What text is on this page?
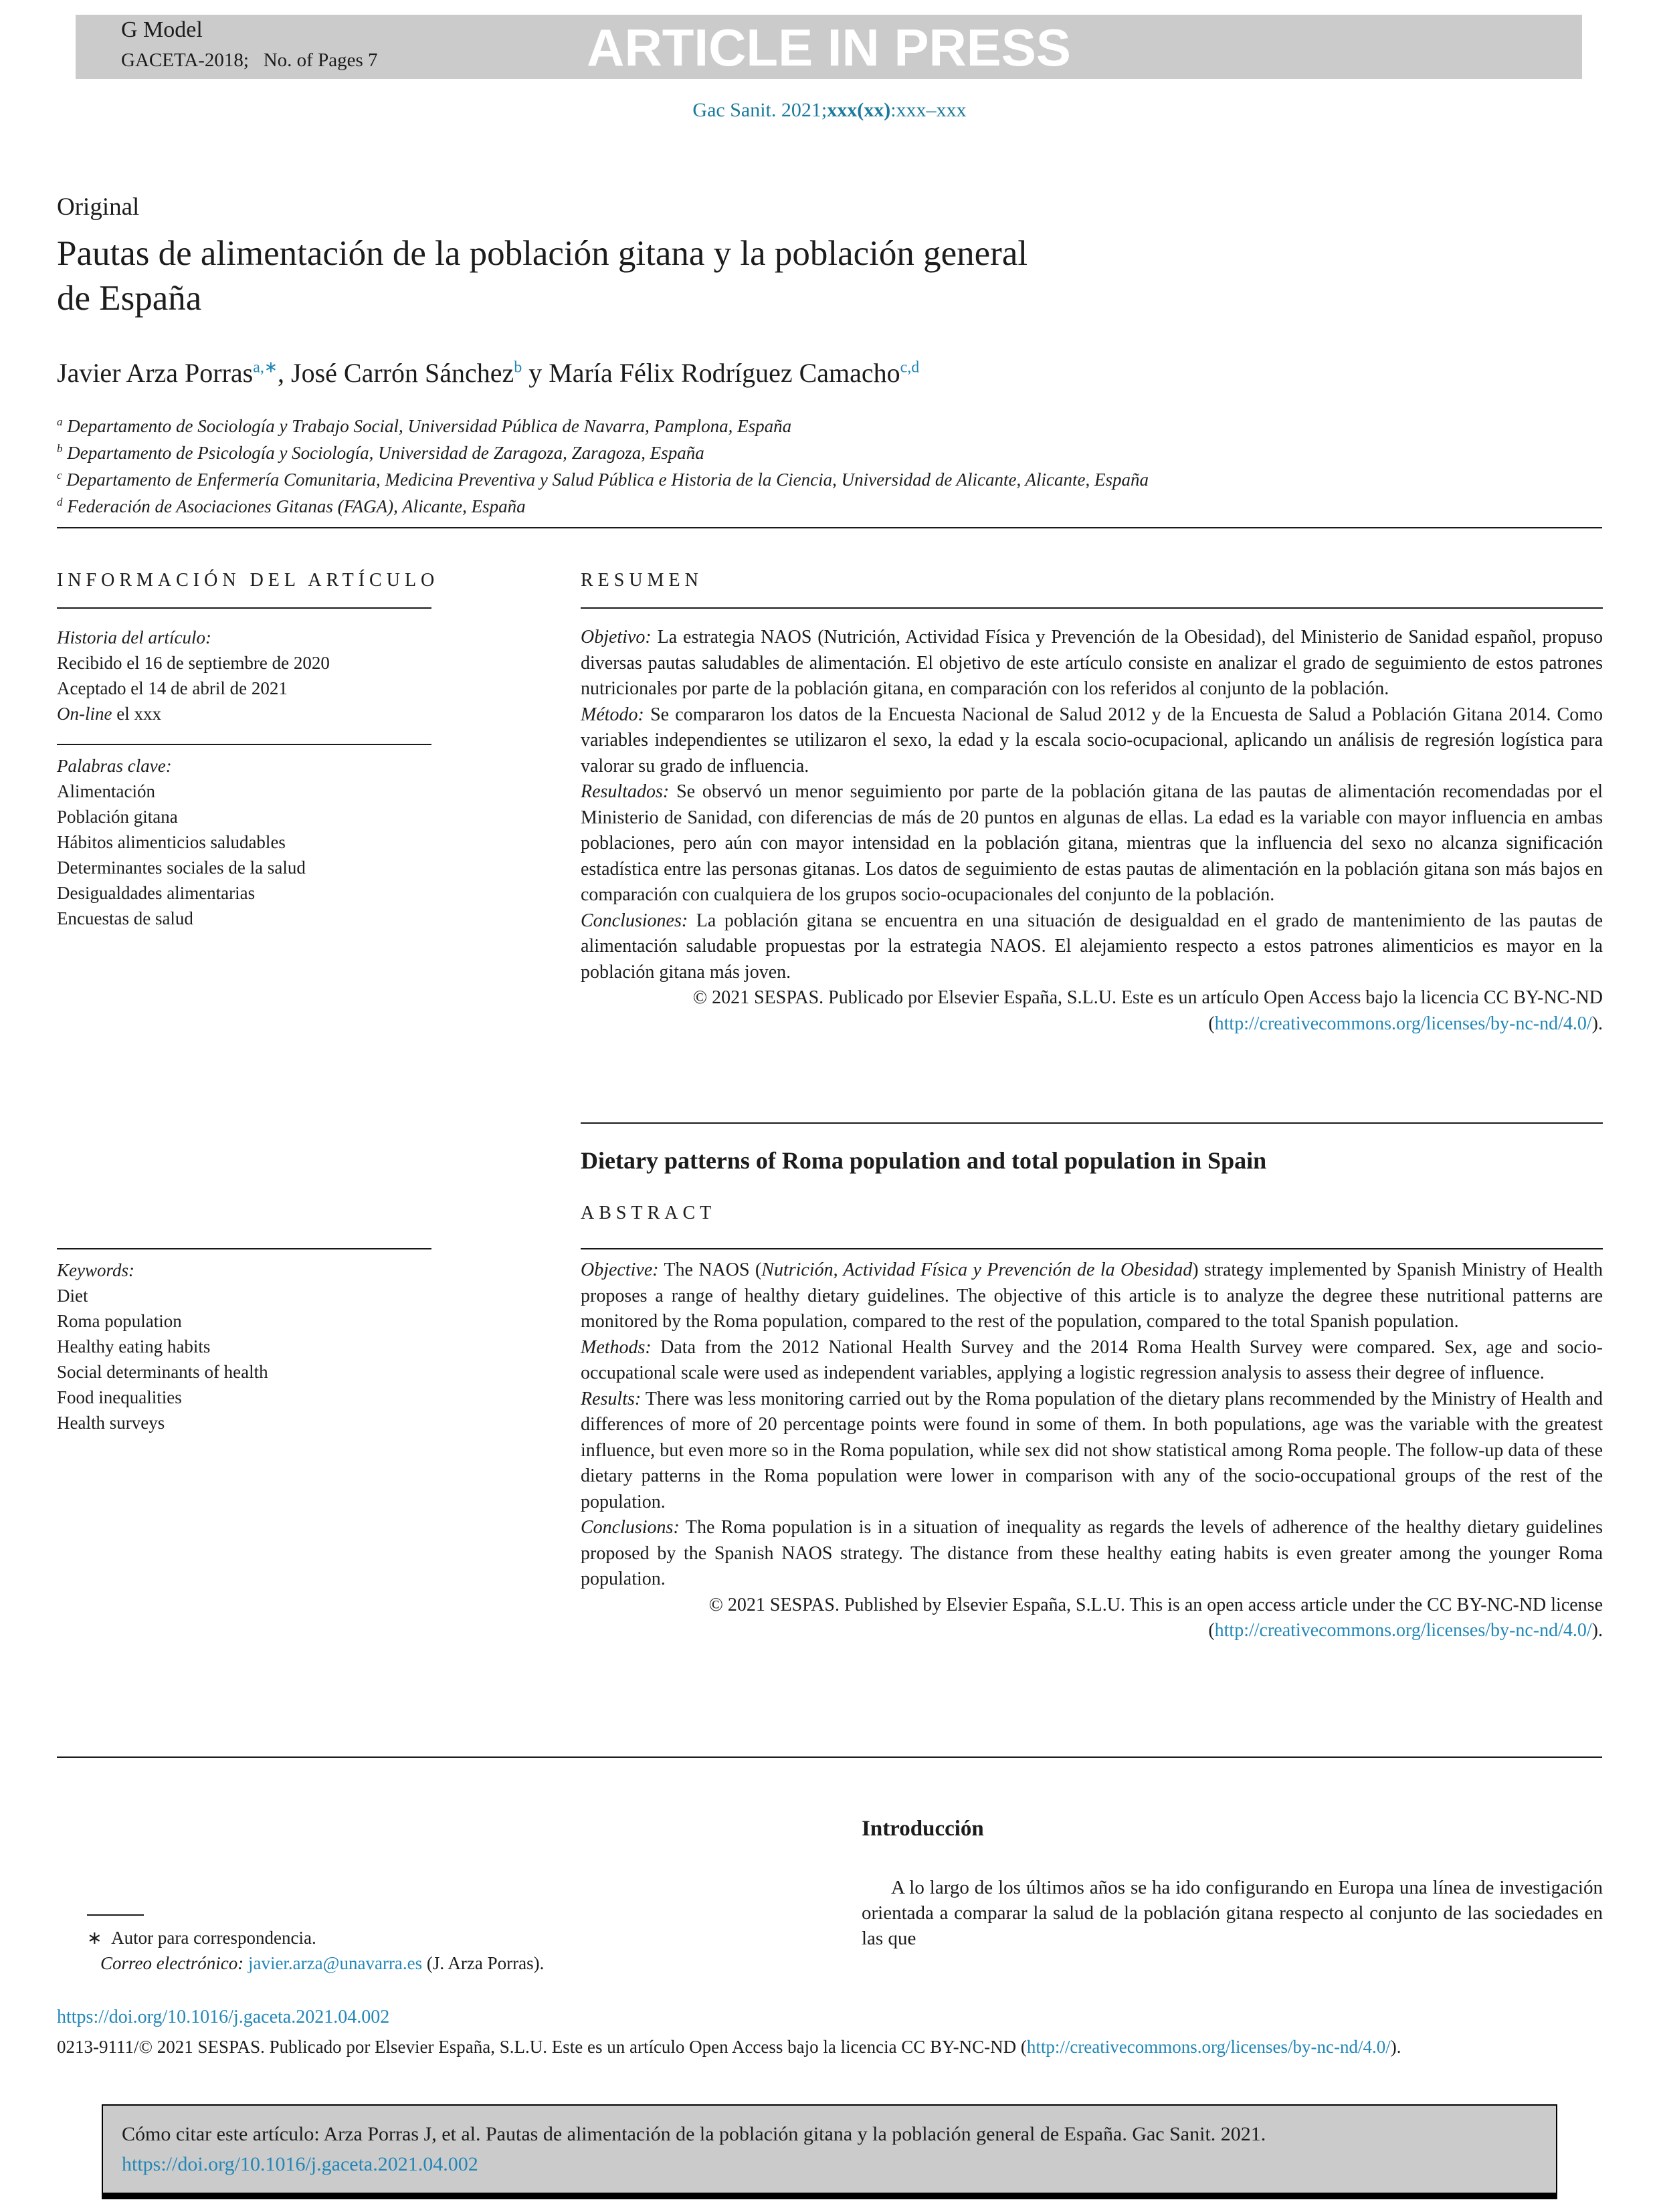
G Model
GACETA-2018;   No. of Pages 7	ARTICLE IN PRESS
Gac Sanit. 2021;xxx(xx):xxx–xxx
Original
Pautas de alimentación de la población gitana y la población general
de España
Javier Arza Porras$^{a,∗}$, José Carrón Sánchez$^b$ y María Félix Rodríguez Camacho$^{c,d}$

$^a$ Departamento de Sociología y Trabajo Social, Universidad Pública de Navarra, Pamplona, España

$^b$ Departamento de Psicología y Sociología, Universidad de Zaragoza, Zaragoza, España

$^c$ Departamento de Enfermería Comunitaria, Medicina Preventiva y Salud Pública e Historia de la Ciencia, Universidad de Alicante, Alicante, España

$^d$ Federación de Asociaciones Gitanas (FAGA), Alicante, España

INFORMACIÓN DEL ARTÍCULO
Historia del artículo:
Recibido el 16 de septiembre de 2020
Aceptado el 14 de abril de 2021
On-line el xxx
Palabras clave:
Alimentación
Población gitana
Hábitos alimenticios saludables
Determinantes sociales de la salud
Desigualdades alimentarias
Encuestas de salud
RESUMEN

Objetivo: La estrategia NAOS (Nutrición, Actividad Física y Prevención de la Obesidad), del Ministerio de Sanidad español, propuso diversas pautas saludables de alimentación. El objetivo de este artículo consiste en analizar el grado de seguimiento de estos patrones nutricionales por parte de la población gitana, en comparación con los referidos al conjunto de la población.

Método: Se compararon los datos de la Encuesta Nacional de Salud 2012 y de la Encuesta de Salud a Población Gitana 2014. Como variables independientes se utilizaron el sexo, la edad y la escala socio-ocupacional, aplicando un análisis de regresión logística para valorar su grado de influencia.

Resultados: Se observó un menor seguimiento por parte de la población gitana de las pautas de alimentación recomendadas por el Ministerio de Sanidad, con diferencias de más de 20 puntos en algunas de ellas. La edad es la variable con mayor influencia en ambas poblaciones, pero aún con mayor intensidad en la población gitana, mientras que la influencia del sexo no alcanza significación estadística entre las personas gitanas. Los datos de seguimiento de estas pautas de alimentación en la población gitana son más bajos en comparación con cualquiera de los grupos socio-ocupacionales del conjunto de la población.

Conclusiones: La población gitana se encuentra en una situación de desigualdad en el grado de mantenimiento de las pautas de alimentación saludable propuestas por la estrategia NAOS. El alejamiento respecto a estos patrones alimenticios es mayor en la población gitana más joven.

© 2021 SESPAS. Publicado por Elsevier España, S.L.U. Este es un artículo Open Access bajo la licencia CC BY-NC-ND (http://creativecommons.org/licenses/by-nc-nd/4.0/).
Dietary patterns of Roma population and total population in Spain
ABSTRACT
Keywords:
Diet
Roma population
Healthy eating habits
Social determinants of health
Food inequalities
Health surveys

Objective: The NAOS (Nutrición, Actividad Física y Prevención de la Obesidad) strategy implemented by Spanish Ministry of Health proposes a range of healthy dietary guidelines. The objective of this article is to analyze the degree these nutritional patterns are monitored by the Roma population, compared to the rest of the population, compared to the total Spanish population.

Methods: Data from the 2012 National Health Survey and the 2014 Roma Health Survey were compared. Sex, age and socio-occupational scale were used as independent variables, applying a logistic regression analysis to assess their degree of influence.

Results: There was less monitoring carried out by the Roma population of the dietary plans recommended by the Ministry of Health and differences of more of 20 percentage points were found in some of them. In both populations, age was the variable with the greatest influence, but even more so in the Roma population, while sex did not show statistical among Roma people. The follow-up data of these dietary patterns in the Roma population were lower in comparison with any of the socio-occupational groups of the rest of the population.

Conclusions: The Roma population is in a situation of inequality as regards the levels of adherence of the healthy dietary guidelines proposed by the Spanish NAOS strategy. The distance from these healthy eating habits is even greater among the younger Roma population.

© 2021 SESPAS. Published by Elsevier España, S.L.U. This is an open access article under the CC BY-NC-ND license (http://creativecommons.org/licenses/by-nc-nd/4.0/).
Introducción
A lo largo de los últimos años se ha ido configurando en Europa una línea de investigación orientada a comparar la salud de la población gitana respecto al conjunto de las sociedades en las que
∗ Autor para correspondencia.
Correo electrónico: javier.arza@unavarra.es (J. Arza Porras).
https://doi.org/10.1016/j.gaceta.2021.04.002
0213-9111/© 2021 SESPAS. Publicado por Elsevier España, S.L.U. Este es un artículo Open Access bajo la licencia CC BY-NC-ND (http://creativecommons.org/licenses/by-nc-nd/4.0/).
Cómo citar este artículo: Arza Porras J, et al. Pautas de alimentación de la población gitana y la población general de España. Gac Sanit. 2021. https://doi.org/10.1016/j.gaceta.2021.04.002
